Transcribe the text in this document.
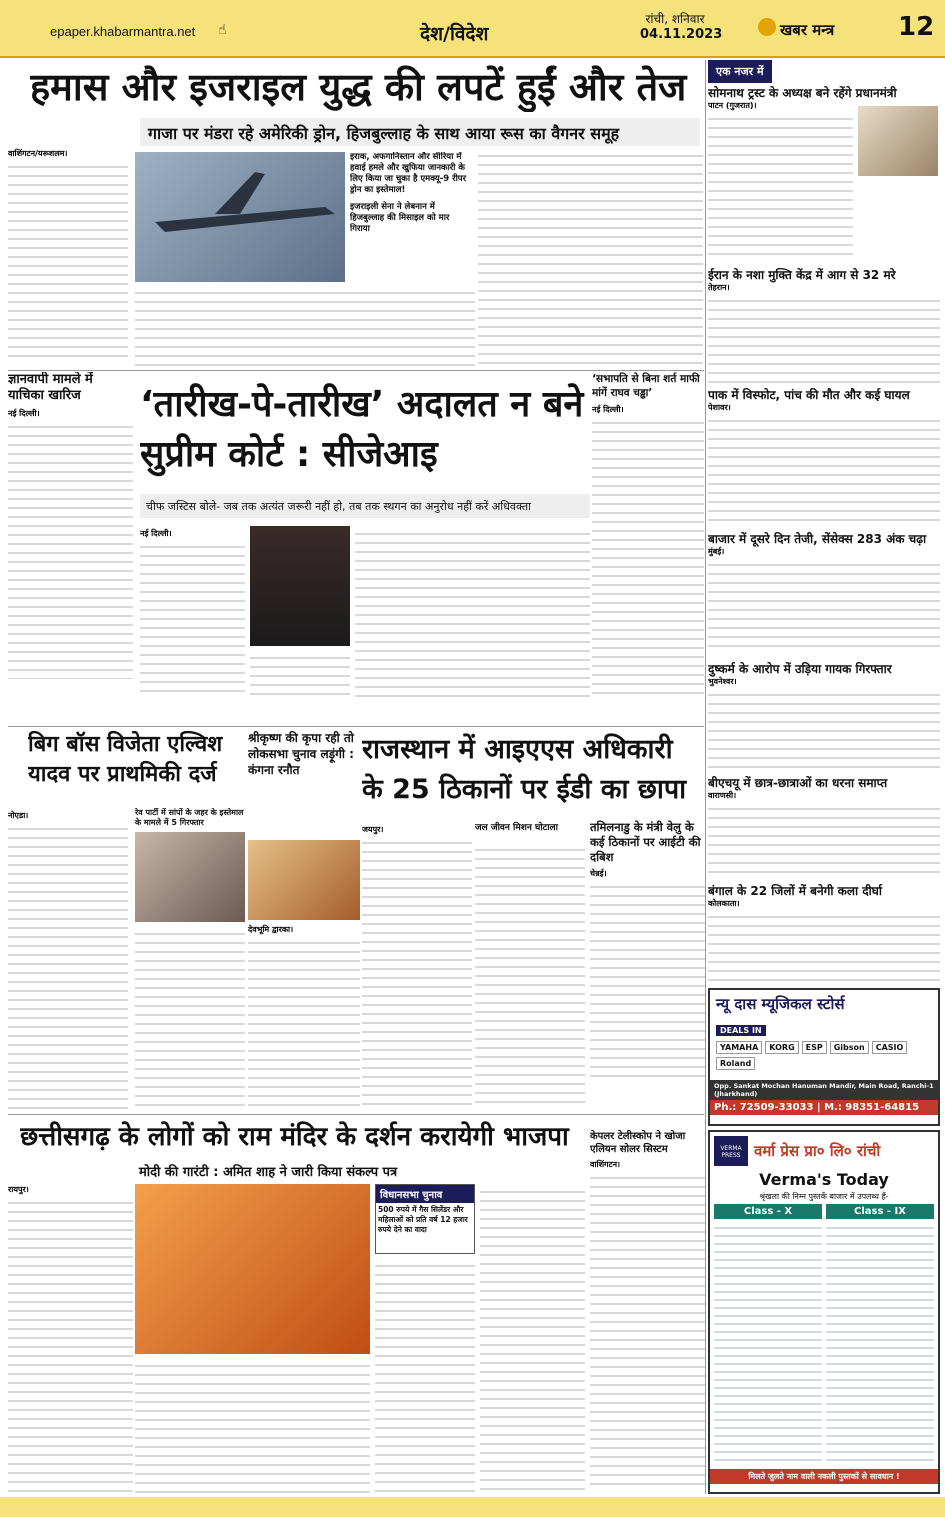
epaper.khabarmantra.net ☝	देश/विदेश
रांची, शनिवार
04.11.2023	खबर मन्त्र 12
हमास और इजराइल युद्ध की लपटें हुईं और तेज
गाजा पर मंडरा रहे अमेरिकी ड्रोन, हिजबुल्लाह के साथ आया रूस का वैगनर समूह
वाशिंगटन/यरूशलम।	इराक, अफगानिस्तान और सीरिया में हवाई हमले और खुफिया जानकारी के लिए किया जा चुका है एमक्यू-9 रीपर ड्रोन का इस्तेमाल!
इजराइली सेना ने लेबनान में हिजबुल्लाह की मिसाइल को मार गिराया
ज्ञानवापी मामले में याचिका खारिज
नई दिल्ली।	‘तारीख-पे-तारीख’ अदालत न बने सुप्रीम कोर्ट : सीजेआइ
चीफ जस्टिस बोले- जब तक अत्यंत जरूरी नहीं हो, तब तक स्थगन का अनुरोध नहीं करें अधिवक्ता
नई दिल्ली।
‘सभापति से बिना शर्त माफी मांगें राघव चड्ढा’
नई दिल्ली।
बिग बॉस विजेता एल्विश यादव पर प्राथमिकी दर्ज
नोएडा।	रेव पार्टी में सांपों के जहर के इस्तेमाल के मामले में 5 गिरफ्तार
श्रीकृष्ण की कृपा रही तो लोकसभा चुनाव लड़ूंगी : कंगना रनौत
देवभूमि द्वारका।
राजस्थान में आइएएस अधिकारी के 25 ठिकानों पर ईडी का छापा
जल जीवन मिशन घोटाला
जयपुर।	तमिलनाडु के मंत्री वेलु के कई ठिकानों पर आईटी की दबिश
चेन्नई।
छत्तीसगढ़ के लोगों को राम मंदिर के दर्शन करायेगी भाजपा
मोदी की गारंटी : अमित शाह ने जारी किया संकल्प पत्र
रायपुर।
विधानसभा चुनाव
500 रुपये में गैस सिलेंडर और महिलाओं को प्रति वर्ष 12 हजार रुपये देने का वादा
केपलर टेलीस्कोप ने खोजा एलियन सोलर सिस्टम
वाशिंगटन।
एक नजर में
सोमनाथ ट्रस्ट के अध्यक्ष बने रहेंगे प्रधानमंत्री
पाटन (गुजरात)।
ईरान के नशा मुक्ति केंद्र में आग से 32 मरे
तेहरान।
पाक में विस्फोट, पांच की मौत और कई घायल
पेशावर।
बाजार में दूसरे दिन तेजी, सेंसेक्स 283 अंक चढ़ा
मुंबई।
दुष्कर्म के आरोप में उड़िया गायक गिरफ्तार
भुवनेश्वर।
बीएचयू में छात्र-छात्राओं का धरना समाप्त
वाराणसी।
बंगाल के 22 जिलों में बनेगी कला दीर्घा
कोलकाता।
न्यू दास म्यूजिकल स्टोर्स
DEALS IN
YAMAHA	KORG	ESP	Gibson	CASIO
Roland
Opp. Sankat Mochan Hanuman Mandir, Main Road, Ranchi-1 (Jharkhand)
Ph.: 72509-33033 | M.: 98351-64815
VERMA PRESS वर्मा प्रेस प्रा० लि० रांची
Verma's Today
श्रृंखला की निम्न पुस्तकें बाजार में उपलब्ध हैं-
Class - X	Class - IX
मिलते जुलते नाम वाली नकली पुस्तकों से सावधान !
